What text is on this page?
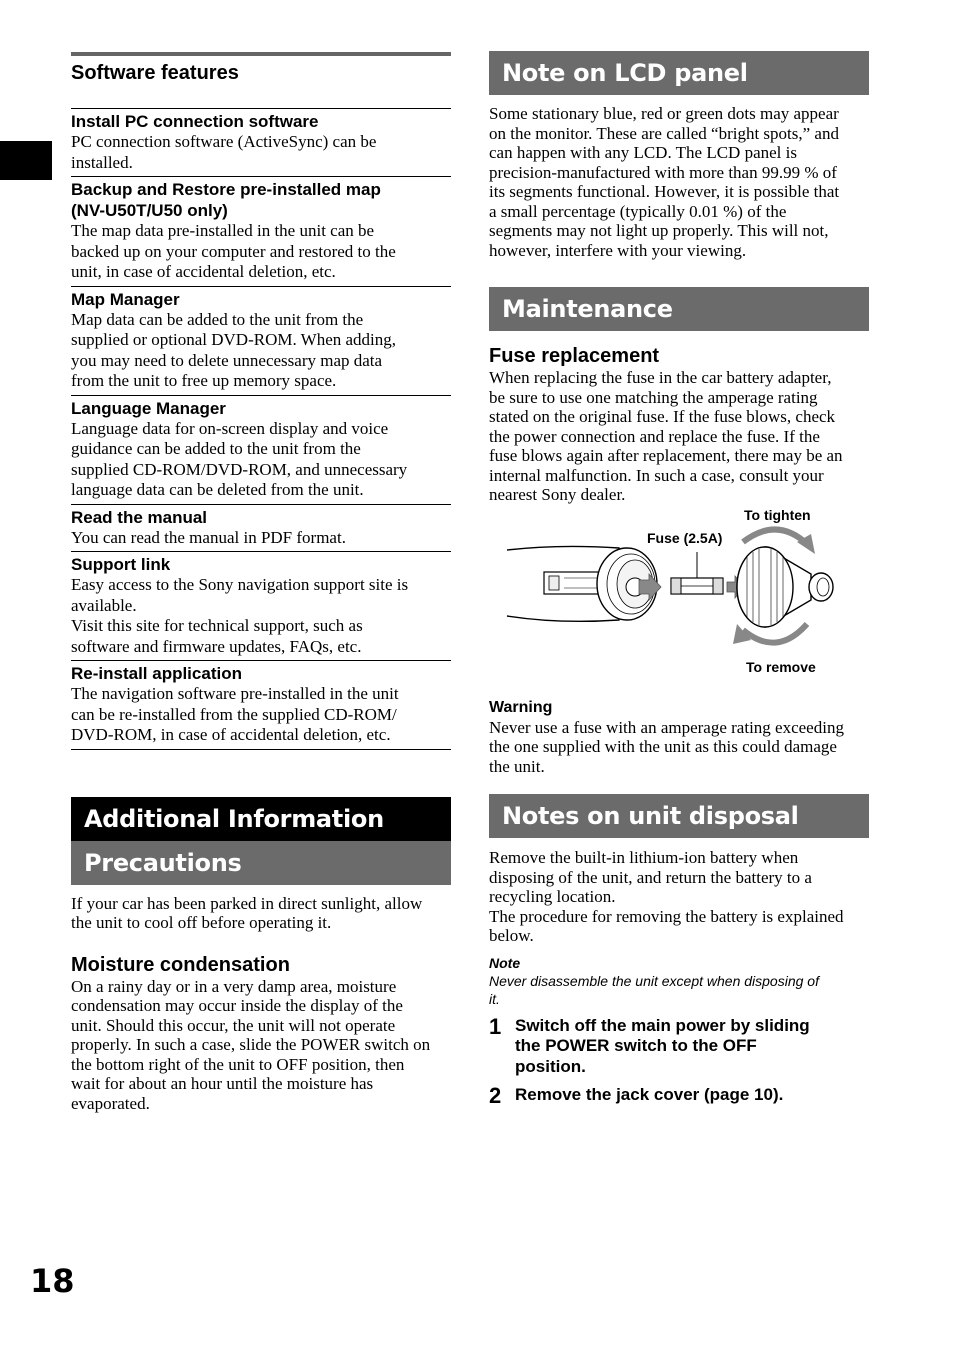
Software features
Install PC connection software
PC connection software (ActiveSync) can be
installed.
Backup and Restore pre-installed map
(NV-U50T/U50 only)
The map data pre-installed in the unit can be
backed up on your computer and restored to the
unit, in case of accidental deletion, etc.
Map Manager
Map data can be added to the unit from the
supplied or optional DVD-ROM. When adding,
you may need to delete unnecessary map data
from the unit to free up memory space.
Language Manager
Language data for on-screen display and voice
guidance can be added to the unit from the
supplied CD-ROM/DVD-ROM, and unnecessary
language data can be deleted from the unit.
Read the manual
You can read the manual in PDF format.
Support link
Easy access to the Sony navigation support site is
available.
Visit this site for technical support, such as
software and firmware updates, FAQs, etc.
Re-install application
The navigation software pre-installed in the unit
can be re-installed from the supplied CD-ROM/
DVD-ROM, in case of accidental deletion, etc.
Additional Information
Precautions
If your car has been parked in direct sunlight, allow
the unit to cool off before operating it.
Moisture condensation
On a rainy day or in a very damp area, moisture
condensation may occur inside the display of the
unit. Should this occur, the unit will not operate
properly. In such a case, slide the POWER switch on
the bottom right of the unit to OFF position, then
wait for about an hour until the moisture has
evaporated.
Note on LCD panel
Some stationary blue, red or green dots may appear
on the monitor. These are called “bright spots,” and
can happen with any LCD. The LCD panel is
precision-manufactured with more than 99.99 % of
its segments functional. However, it is possible that
a small percentage (typically 0.01 %) of the
segments may not light up properly. This will not,
however, interfere with your viewing.
Maintenance
Fuse replacement
When replacing the fuse in the car battery adapter,
be sure to use one matching the amperage rating
stated on the original fuse. If the fuse blows, check
the power connection and replace the fuse. If the
fuse blows again after replacement, there may be an
internal malfunction. In such a case, consult your
nearest Sony dealer.
To tighten
Fuse (2.5A)
To remove
Warning
Never use a fuse with an amperage rating exceeding
the one supplied with the unit as this could damage
the unit.
Notes on unit disposal
Remove the built-in lithium-ion battery when
disposing of the unit, and return the battery to a
recycling location.
The procedure for removing the battery is explained
below.
Note
Never disassemble the unit except when disposing of
it.
1 Switch off the main power by sliding
the POWER switch to the OFF
position.
2 Remove the jack cover (page 10).
18
